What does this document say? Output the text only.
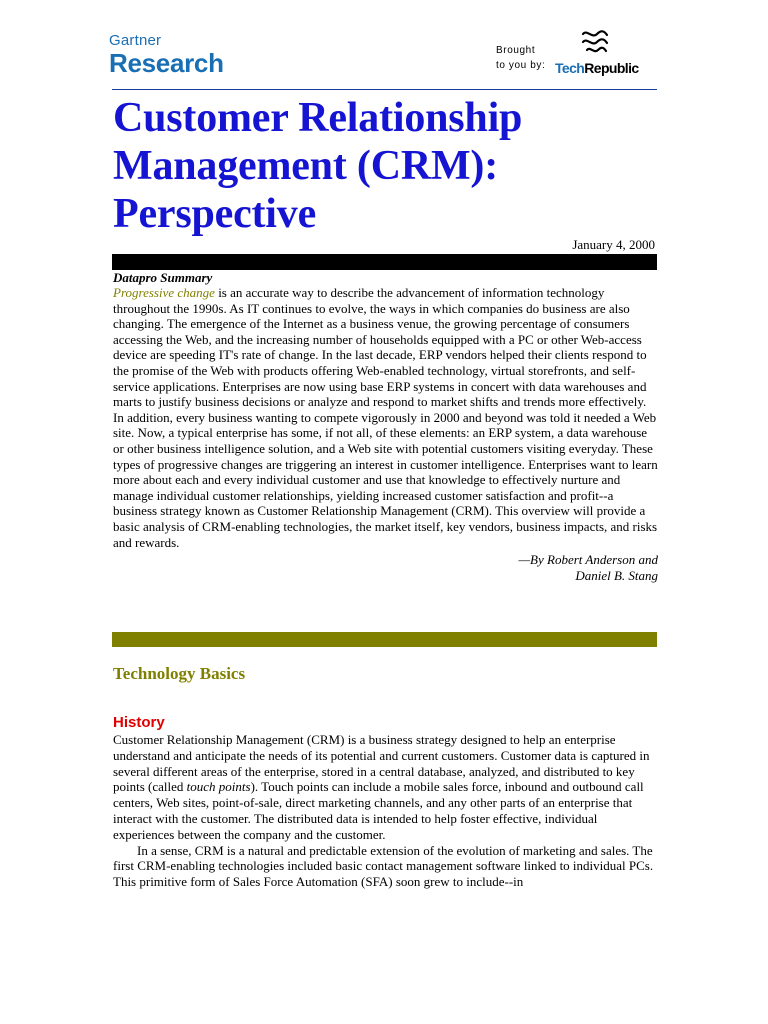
Gartner
Research	Brought
to you by: TechRepublic
Customer Relationship Management (CRM): Perspective
January 4, 2000
Datapro Summary

Progressive change is an accurate way to describe the advancement of information technology throughout the 1990s. As IT continues to evolve, the ways in which companies do business are also changing. The emergence of the Internet as a business venue, the growing percentage of consumers accessing the Web, and the increasing number of households equipped with a PC or other Web-access device are speeding IT's rate of change. In the last decade, ERP vendors helped their clients respond to the promise of the Web with products offering Web-enabled technology, virtual storefronts, and self-service applications. Enterprises are now using base ERP systems in concert with data warehouses and marts to justify business decisions or analyze and respond to market shifts and trends more effectively. In addition, every business wanting to compete vigorously in 2000 and beyond was told it needed a Web site. Now, a typical enterprise has some, if not all, of these elements: an ERP system, a data warehouse or other business intelligence solution, and a Web site with potential customers visiting everyday. These types of progressive changes are triggering an interest in customer intelligence. Enterprises want to learn more about each and every individual customer and use that knowledge to effectively nurture and manage individual customer relationships, yielding increased customer satisfaction and profit--a business strategy known as Customer Relationship Management (CRM). This overview will provide a basic analysis of CRM-enabling technologies, the market itself, key vendors, business impacts, and risks and rewards.

—By Robert Anderson and
Daniel B. Stang
Technology Basics
History

Customer Relationship Management (CRM) is a business strategy designed to help an enterprise understand and anticipate the needs of its potential and current customers. Customer data is captured in several different areas of the enterprise, stored in a central database, analyzed, and distributed to key points (called touch points). Touch points can include a mobile sales force, inbound and outbound call centers, Web sites, point-of-sale, direct marketing channels, and any other parts of an enterprise that interact with the customer. The distributed data is intended to help foster effective, individual experiences between the company and the customer.

In a sense, CRM is a natural and predictable extension of the evolution of marketing and sales. The first CRM-enabling technologies included basic contact management software linked to individual PCs. This primitive form of Sales Force Automation (SFA) soon grew to include--in
